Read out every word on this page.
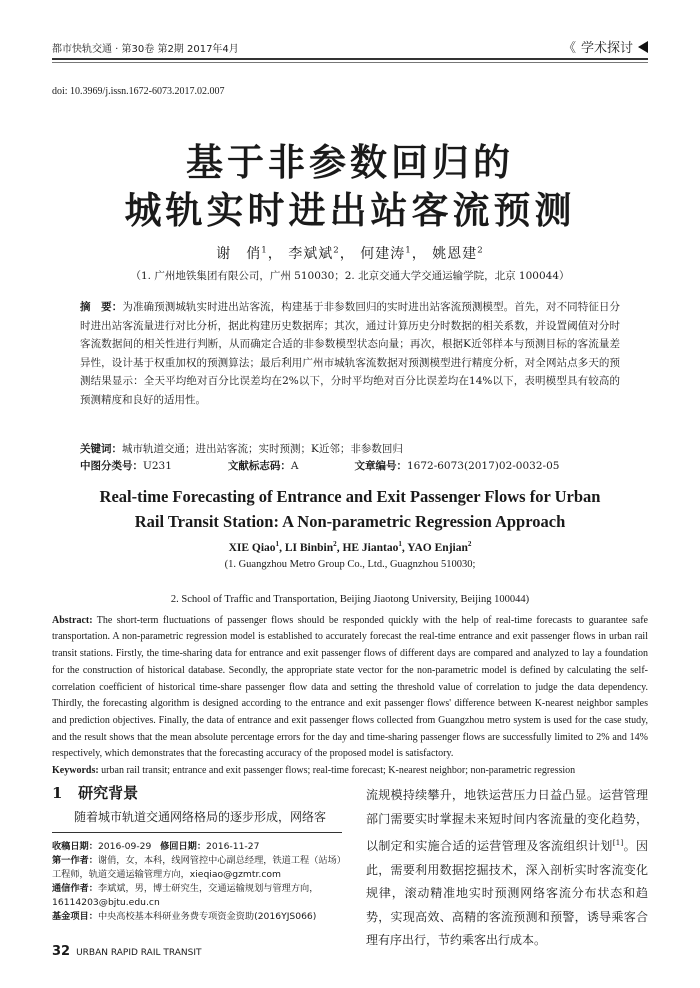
都市快轨交通 · 第30卷 第2期 2017年4月	《 学术探讨
doi: 10.3969/j.issn.1672-6073.2017.02.007
基于非参数回归的
城轨实时进出站客流预测
谢　俏$^1$， 李斌斌$^2$， 何建涛$^1$， 姚恩建$^2$
（1. 广州地铁集团有限公司，广州 510030；2. 北京交通大学交通运输学院，北京 100044）
摘　要：为准确预测城轨实时进出站客流，构建基于非参数回归的实时进出站客流预测模型。首先，对不同特征日分时进出站客流量进行对比分析，据此构建历史数据库；其次，通过计算历史分时数据的相关系数，并设置阈值对分时客流数据间的相关性进行判断，从而确定合适的非参数模型状态向量；再次，根据K近邻样本与预测目标的客流量差异性，设计基于权重加权的预测算法；最后利用广州市城轨客流数据对预测模型进行精度分析，对全网站点多天的预测结果显示：全天平均绝对百分比误差均在2%以下，分时平均绝对百分比误差均在14%以下，表明模型具有较高的预测精度和良好的适用性。
关键词：城市轨道交通；进出站客流；实时预测；K近邻；非参数回归
中图分类号：U231	文献标志码：A	文章编号：1672-6073(2017)02-0032-05
Real-time Forecasting of Entrance and Exit Passenger Flows for Urban
Rail Transit Station: A Non-parametric Regression Approach
XIE Qiao$^1$, LI Binbin$^2$, HE Jiantao$^1$, YAO Enjian$^2$
(1. Guangzhou Metro Group Co., Ltd., Guagnzhou 510030;
2. School of Traffic and Transportation, Beijing Jiaotong University, Beijing 100044)
Abstract: The short-term fluctuations of passenger flows should be responded quickly with the help of real-time forecasts to guarantee safe transportation. A non-parametric regression model is established to accurately forecast the real-time entrance and exit passenger flows in urban rail transit stations. Firstly, the time-sharing data for entrance and exit passenger flows of different days are compared and analyzed to lay a foundation for the construction of historical database. Secondly, the appropriate state vector for the non-parametric model is defined by calculating the self-correlation coefficient of historical time-share passenger flow data and setting the threshold value of correlation to judge the data dependency. Thirdly, the forecasting algorithm is designed according to the entrance and exit passenger flows' difference between K-nearest neighbor samples and prediction objectives. Finally, the data of entrance and exit passenger flows collected from Guangzhou metro system is used for the case study, and the result shows that the mean absolute percentage errors for the day and time-sharing passenger flows are successfully limited to 2% and 14% respectively, which demonstrates that the forecasting accuracy of the proposed model is satisfactory.
Keywords: urban rail transit; entrance and exit passenger flows; real-time forecast; K-nearest neighbor; non-parametric regression
1 研究背景
随着城市轨道交通网络格局的逐步形成，网络客
收稿日期：2016-09-29 修回日期：2016-11-27
第一作者：谢俏，女，本科，线网管控中心副总经理，铁道工程（站场）工程师，轨道交通运输管理方向，xieqiao@gzmtr.com
通信作者：李斌斌，男，博士研究生，交通运输规划与管理方向，16114203@bjtu.edu.cn
基金项目：中央高校基本科研业务费专项资金资助(2016YJS066)
流规模持续攀升，地铁运营压力日益凸显。运营管理部门需要实时掌握未来短时间内客流量的变化趋势，以制定和实施合适的运营管理及客流组织计划[1]。因此，需要利用数据挖掘技术，深入剖析实时客流变化规律，滚动精准地实时预测网络客流分布状态和趋势，实现高效、高精的客流预测和预警，诱导乘客合理有序出行，节约乘客出行成本。
32 URBAN RAPID RAIL TRANSIT
